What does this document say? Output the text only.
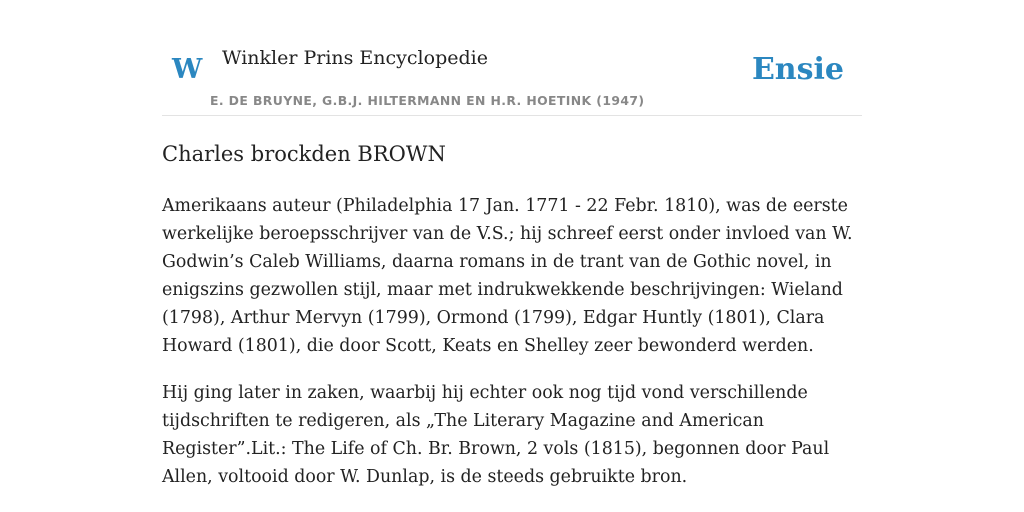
W Winkler Prins Encyclopedie
E. DE BRUYNE, G.B.J. HILTERMANN EN H.R. HOETINK (1947)
Ensie
Charles brockden BROWN

Amerikaans auteur (Philadelphia 17 Jan. 1771 - 22 Febr. 1810), was de eerste werkelijke beroepsschrijver van de V.S.; hij schreef eerst onder invloed van W. Godwin’s Caleb Williams, daarna romans in de trant van de Gothic novel, in enigszins gezwollen stijl, maar met indrukwekkende beschrijvingen: Wieland (1798), Arthur Mervyn (1799), Ormond (1799), Edgar Huntly (1801), Clara Howard (1801), die door Scott, Keats en Shelley zeer bewonderd werden.

Hij ging later in zaken, waarbij hij echter ook nog tijd vond verschillende tijdschriften te redigeren, als „The Literary Magazine and American Register”.Lit.: The Life of Ch. Br. Brown, 2 vols (1815), begonnen door Paul Allen, voltooid door W. Dunlap, is de steeds gebruikte bron.
